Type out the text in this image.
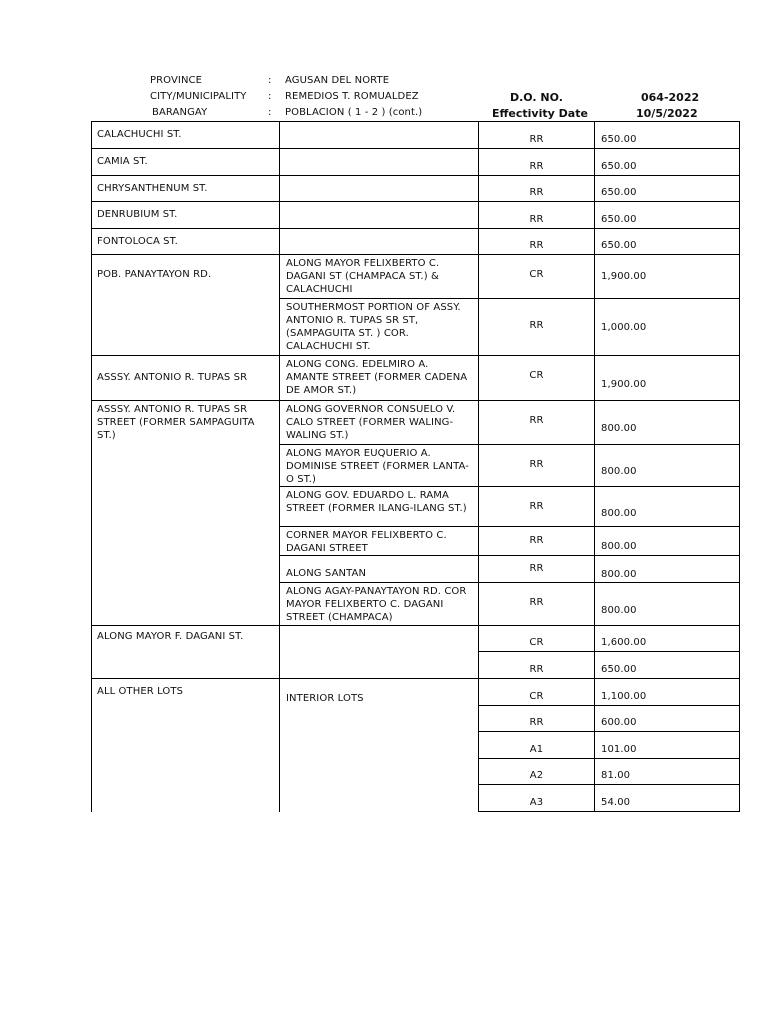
PROVINCE	: AGUSAN DEL NORTE
CITY/MUNICIPALITY : REMEDIOS T. ROMUALDEZ
BARANGAY	: POBLACION ( 1 - 2 ) (cont.)
D.O. NO.	064-2022
Effectivity Date	10/5/2022
CALACHUCHI ST.		RR	650.00
CAMIA ST.		RR	650.00
CHRYSANTHENUM ST.		RR	650.00
DENRUBIUM ST.		RR	650.00
FONTOLOCA ST.		RR	650.00
POB. PANAYTAYON RD.	ALONG MAYOR FELIXBERTO C. DAGANI ST (CHAMPACA ST.) & CALACHUCHI	CR	1,900.00
	SOUTHERMOST PORTION OF ASSY. ANTONIO R. TUPAS SR ST, (SAMPAGUITA ST. ) COR. CALACHUCHI ST.	RR	1,000.00
ASSSY. ANTONIO R. TUPAS SR	ALONG CONG. EDELMIRO A. AMANTE STREET (FORMER CADENA DE AMOR ST.)	CR	1,900.00
ASSSY. ANTONIO R. TUPAS SR STREET (FORMER SAMPAGUITA ST.)	ALONG GOVERNOR CONSUELO V. CALO STREET (FORMER WALING-WALING ST.)	RR	800.00
	ALONG MAYOR EUQUERIO A. DOMINISE STREET (FORMER LANTA-O ST.)	RR	800.00
	ALONG GOV. EDUARDO L. RAMA STREET (FORMER ILANG-ILANG ST.)	RR	800.00
	CORNER MAYOR FELIXBERTO C. DAGANI STREET	RR	800.00
	ALONG SANTAN	RR	800.00
	ALONG AGAY-PANAYTAYON RD. COR MAYOR FELIXBERTO C. DAGANI STREET (CHAMPACA)	RR	800.00
ALONG MAYOR F. DAGANI ST.		CR	1,600.00
		RR	650.00
ALL OTHER LOTS	INTERIOR LOTS	CR	1,100.00
		RR	600.00
		A1	101.00
		A2	81.00
		A3	54.00
